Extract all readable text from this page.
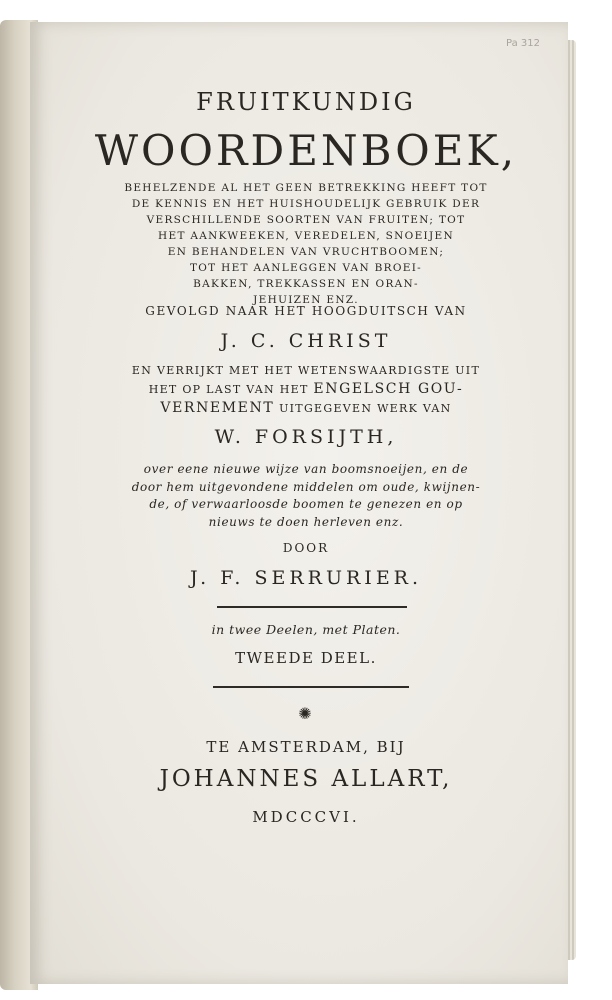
Pa 312
FRUITKUNDIG
WOORDENBOEK,
BEHELZENDE AL HET GEEN BETREKKING HEEFT TOT
DE KENNIS EN HET HUISHOUDELIJK GEBRUIK DER
VERSCHILLENDE SOORTEN VAN FRUITEN; TOT
HET AANKWEEKEN, VEREDELEN, SNOEIJEN
EN BEHANDELEN VAN VRUCHTBOOMEN;
TOT HET AANLEGGEN VAN BROEI-
BAKKEN, TREKKASSEN EN ORAN-
JEHUIZEN ENZ.
GEVOLGD NAAR HET HOOGDUITSCH VAN
J. C. CHRIST
EN VERRIJKT MET HET WETENSWAARDIGSTE UIT
HET OP LAST VAN HET ENGELSCH GOU-
VERNEMENT UITGEGEVEN WERK VAN
W. FORSIJTH,
over eene nieuwe wijze van boomsnoeijen, en de
door hem uitgevondene middelen om oude, kwijnen-
de, of verwaarloosde boomen te genezen en op
nieuws te doen herleven enz.
DOOR
J. F. SERRURIER.
in twee Deelen, met Platen.
TWEEDE DEEL.
✺
TE AMSTERDAM, BIJ
JOHANNES ALLART,
MDCCCVI.
